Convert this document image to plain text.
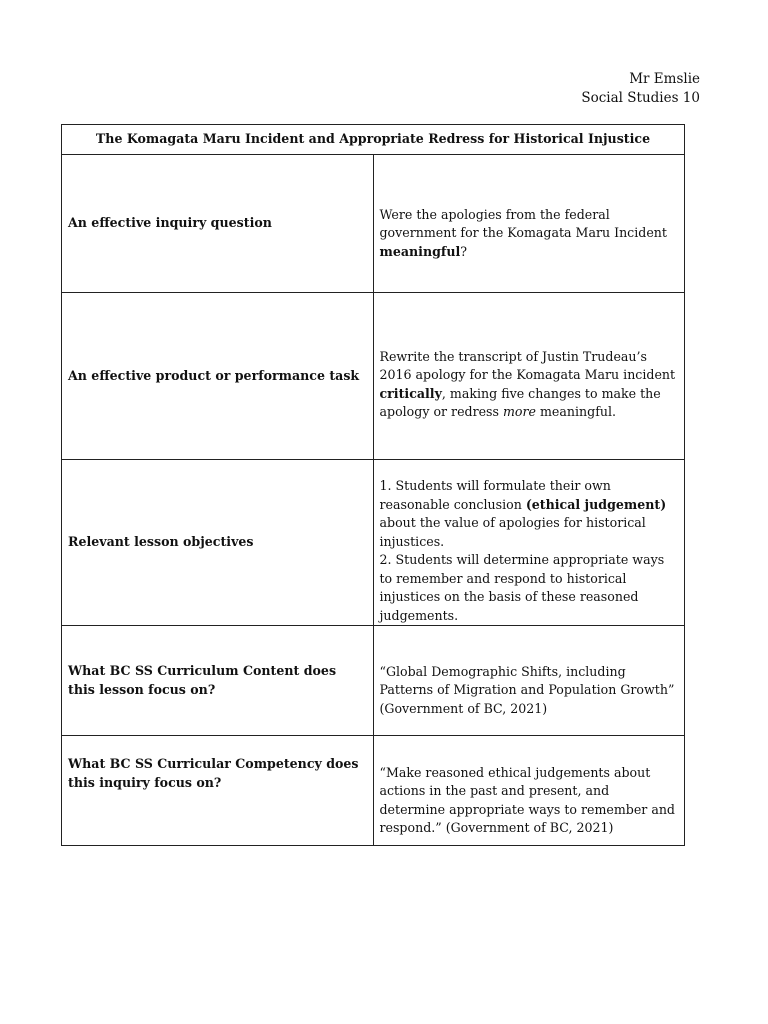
Mr Emslie
Social Studies 10
The Komagata Maru Incident and Appropriate Redress for Historical Injustice	
An effective inquiry question	Were the apologies from the federal government for the Komagata Maru Incident meaningful?
An effective product or performance task	Rewrite the transcript of Justin Trudeau’s 2016 apology for the Komagata Maru incident critically, making five changes to make the apology or redress more meaningful.
Relevant lesson objectives	1. Students will formulate their own reasonable conclusion (ethical judgement) about the value of apologies for historical injustices.
2. Students will determine appropriate ways to remember and respond to historical injustices on the basis of these reasoned judgements.

What BC SS Curriculum Content does this lesson focus on?	“Global Demographic Shifts, including Patterns of Migration and Population Growth” (Government of BC, 2021)
What BC SS Curricular Competency does this inquiry focus on?	“Make reasoned ethical judgements about actions in the past and present, and determine appropriate ways to remember and respond.” (Government of BC, 2021)
